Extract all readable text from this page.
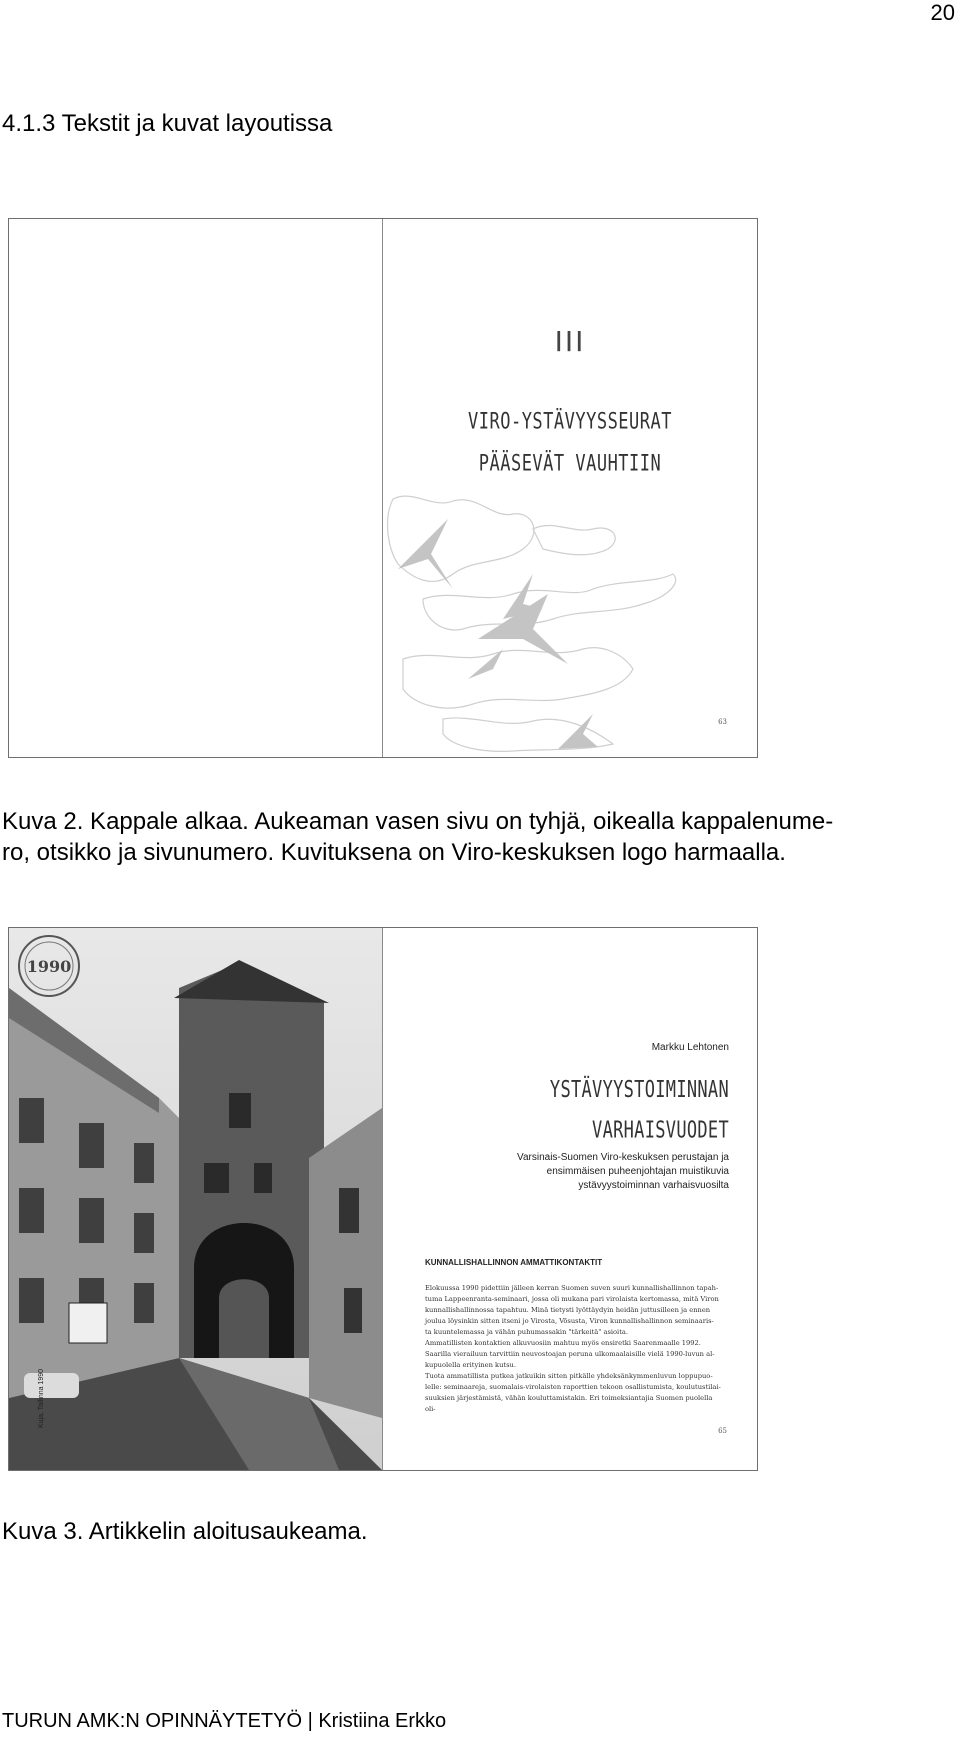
20
4.1.3 Tekstit ja kuvat layoutissa
III
VIRO-YSTÄVYYSSEURAT
PÄÄSEVÄT VAUHTIIN
63
Kuva 2. Kappale alkaa. Aukeaman vasen sivu on tyhjä, oikealla kappalenume-
ro, otsikko ja sivunumero. Kuvituksena on Viro-keskuksen logo harmaalla.
1990
Kuja, Tallinna 1990
Markku Lehtonen
YSTÄVYYSTOIMINNAN
VARHAISVUODET
Varsinais-Suomen Viro-keskuksen perustajan ja ensimmäisen puheenjohtajan muistikuvia ystävyystoiminnan varhaisvuosilta
KUNNALLISHALLINNON AMMATTIKONTAKTIT
Elokuussa 1990 pidettiin jälleen kerran Suomen suven suuri kunnallishallinnon tapah-
tuma Lappeenranta-seminaari, jossa oli mukana pari virolaista kertomassa, mitä Viron
kunnallishallinnossa tapahtuu. Minä tietysti lyöttäydyin heidän juttusilleen ja ennen
joulua löysinkin sitten itseni jo Virosta, Võsusta, Viron kunnallishallinnon seminaaris-
ta kuuntelemassa ja vähän puhumassakin "tärkeitä" asioita.
Ammatillisten kontaktien alkuvuosiin mahtuu myös ensiretki Saarenmaalle 1992.
Saarilla vierailuun tarvittiin neuvostoajan peruna ulkomaalaisille vielä 1990-luvun al-
kupuolella erityinen kutsu.
Tuota ammatillista putkea jatkuikin sitten pitkälle yhdeksänkymmenluvun loppupuo-
lelle: seminaareja, suomalais-virolaisten raporttien tekoon osallistumista, koulutustilai-
suuksien järjestämistä, vähän kouluttamistakin. Eri toimeksiantajia Suomen puolella oli-
65
Kuva 3. Artikkelin aloitusaukeama.
TURUN AMK:N OPINNÄYTETYÖ | Kristiina Erkko
